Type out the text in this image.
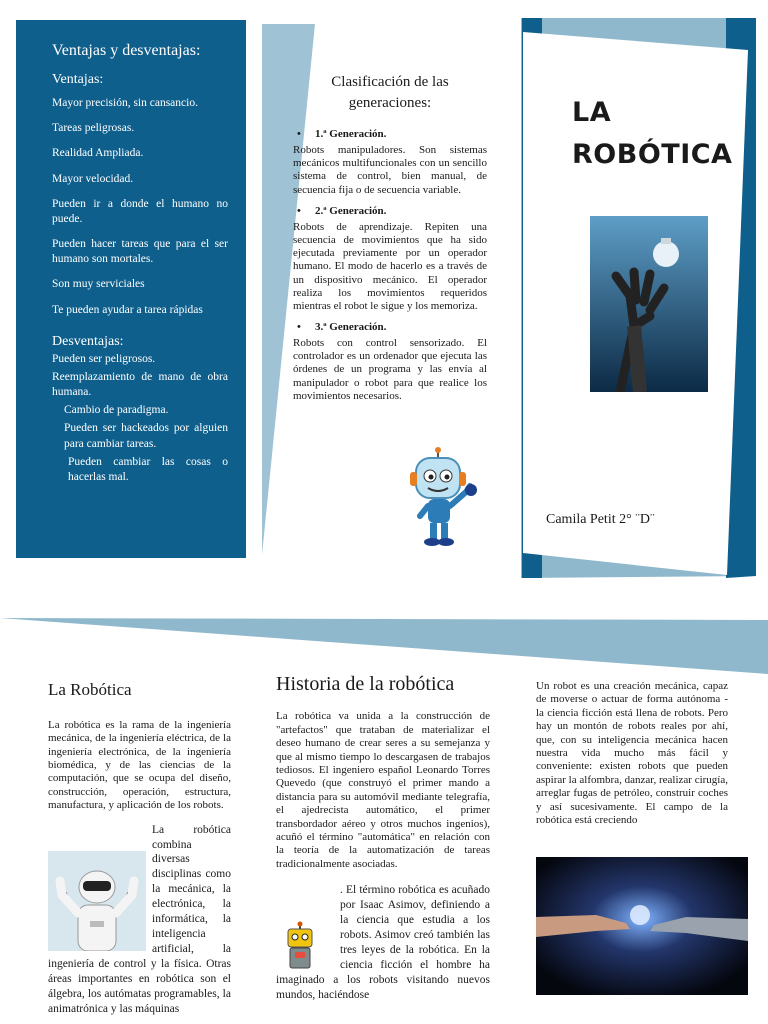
Ventajas y desventajas:
Ventajas:

Mayor precisión, sin cansancio.

Tareas peligrosas.

Realidad Ampliada.

Mayor velocidad.

Pueden ir a donde el humano no puede.

Pueden hacer tareas que para el ser humano son mortales.

Son muy serviciales

Te pueden ayudar a tarea rápidas

Desventajas:

Pueden ser peligrosos.

Reemplazamiento de mano de obra humana.

Cambio de paradigma.

Pueden ser hackeados por alguien para cambiar tareas.

Pueden cambiar las cosas o hacerlas mal.

Clasificación de las generaciones:
• 1.ª Generación.

Robots manipuladores. Son sistemas mecánicos multifuncionales con un sencillo sistema de control, bien manual, de secuencia fija o de secuencia variable.

• 2.ª Generación.

Robots de aprendizaje. Repiten una secuencia de movimientos que ha sido ejecutada previamente por un operador humano. El modo de hacerlo es a través de un dispositivo mecánico. El operador realiza los movimientos requeridos mientras el robot le sigue y los memoriza.

• 3.ª Generación.

Robots con control sensorizado. El controlador es un ordenador que ejecuta las órdenes de un programa y las envía al manipulador o robot para que realice los movimientos necesarios.

LA
ROBÓTICA
Camila Petit 2° ¨D¨
La Robótica

La robótica es la rama de la ingeniería mecánica, de la ingeniería eléctrica, de la ingeniería electrónica, de la ingeniería biomédica, y de las ciencias de la computación, que se ocupa del diseño, construcción, operación, estructura, manufactura, y aplicación de los robots.

La robótica combina diversas disciplinas como la mecánica, la electrónica, la informática, la inteligencia artificial, la ingeniería de control y la física. Otras áreas importantes en robótica son el álgebra, los autómatas programables, la animatrónica y las máquinas

Historia de la robótica

La robótica va unida a la construcción de "artefactos" que trataban de materializar el deseo humano de crear seres a su semejanza y que al mismo tiempo lo descargasen de trabajos tediosos. El ingeniero español Leonardo Torres Quevedo (que construyó el primer mando a distancia para su automóvil mediante telegrafía, el ajedrecista automático, el primer transbordador aéreo y otros muchos ingenios), acuñó el término "automática" en relación con la teoría de la automatización de tareas tradicionalmente asociadas.

. El término robótica es acuñado por Isaac Asimov, definiendo a la ciencia que estudia a los robots. Asimov creó también las tres leyes de la robótica. En la ciencia ficción el hombre ha imaginado a los robots visitando nuevos mundos, haciéndose

Un robot es una creación mecánica, capaz de moverse o actuar de forma autónoma - la ciencia ficción está llena de robots. Pero hay un montón de robots reales por ahí, que, con su inteligencia mecánica hacen nuestra vida mucho más fácil y conveniente: existen robots que pueden aspirar la alfombra, danzar, realizar cirugía, arreglar fugas de petróleo, construir coches y así sucesivamente. El campo de la robótica está creciendo
